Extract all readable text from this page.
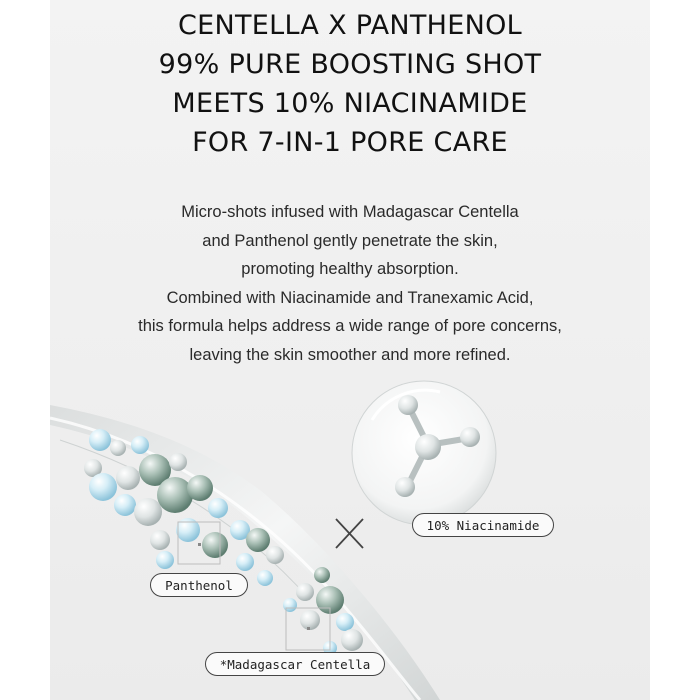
CENTELLA X PANTHENOL
99% PURE BOOSTING SHOT
MEETS 10% NIACINAMIDE
FOR 7-IN-1 PORE CARE
Micro-shots infused with Madagascar Centella
and Panthenol gently penetrate the skin,
promoting healthy absorption.
Combined with Niacinamide and Tranexamic Acid,
this formula helps address a wide range of pore concerns,
leaving the skin smoother and more refined.
10% Niacinamide
Panthenol
*Madagascar Centella
